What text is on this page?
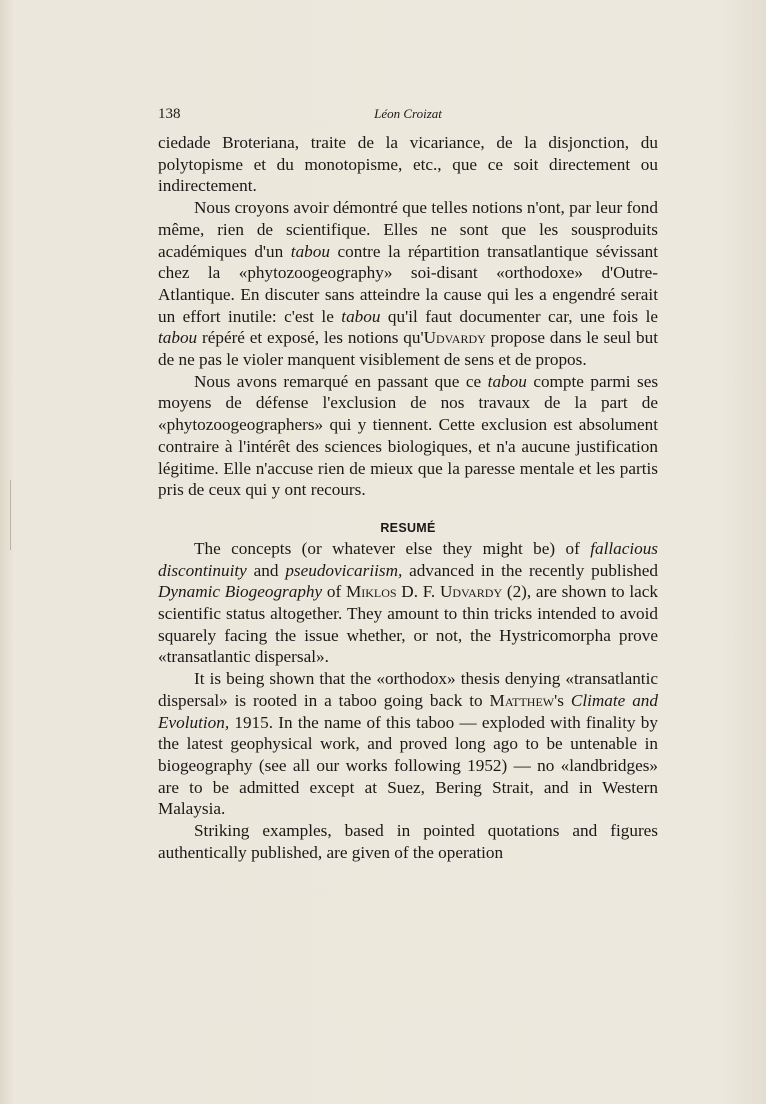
138	Léon Croizat

ciedade Broteriana, traite de la vicariance, de la disjonction, du polytopisme et du monotopisme, etc., que ce soit directement ou indirectement.

Nous croyons avoir démontré que telles notions n'ont, par leur fond même, rien de scientifique. Elles ne sont que les sousproduits académiques d'un tabou contre la répartition transatlantique sévissant chez la «phytozoogeography» soi-disant «orthodoxe» d'Outre-Atlantique. En discuter sans atteindre la cause qui les a engendré serait un effort inutile: c'est le tabou qu'il faut documenter car, une fois le tabou répéré et exposé, les notions qu'Udvardy propose dans le seul but de ne pas le violer manquent visiblement de sens et de propos.

Nous avons remarqué en passant que ce tabou compte parmi ses moyens de défense l'exclusion de nos travaux de la part de «phytozoogeographers» qui y tiennent. Cette exclusion est absolument contraire à l'intérêt des sciences biologiques, et n'a aucune justification légitime. Elle n'accuse rien de mieux que la paresse mentale et les partis pris de ceux qui y ont recours.

RESUMÉ

The concepts (or whatever else they might be) of fallacious discontinuity and pseudovicariism, advanced in the recently published Dynamic Biogeography of Miklos D. F. Udvardy (2), are shown to lack scientific status altogether. They amount to thin tricks intended to avoid squarely facing the issue whether, or not, the Hystricomorpha prove «transatlantic dispersal».

It is being shown that the «orthodox» thesis denying «transatlantic dispersal» is rooted in a taboo going back to Matthew's Climate and Evolution, 1915. In the name of this taboo — exploded with finality by the latest geophysical work, and proved long ago to be untenable in biogeography (see all our works following 1952) — no «landbridges» are to be admitted except at Suez, Bering Strait, and in Western Malaysia.

Striking examples, based in pointed quotations and figures authentically published, are given of the operation
